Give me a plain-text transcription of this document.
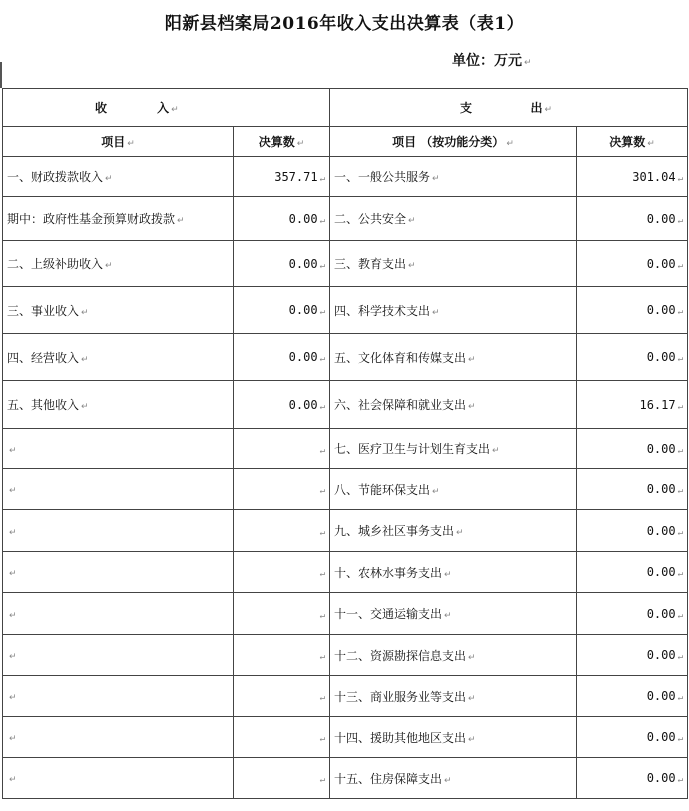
阳新县档案局2016年收入支出决算表（表1）
单位：万元 ↵
收            入 ↵		支              出 ↵	
项目 ↵	决算数 ↵	项目 （按功能分类） ↵	决算数 ↵
一、财政拨款收入 ↵	357.71 ↵	一、一般公共服务 ↵	301.04 ↵
期中：政府性基金预算财政拨款 ↵	0.00 ↵	二、公共安全 ↵	0.00 ↵
二、上级补助收入 ↵	0.00 ↵	三、教育支出 ↵	0.00 ↵
三、事业收入 ↵	0.00 ↵	四、科学技术支出 ↵	0.00 ↵
四、经营收入 ↵	0.00 ↵	五、文化体育和传媒支出 ↵	0.00 ↵
五、其他收入 ↵	0.00 ↵	六、社会保障和就业支出 ↵	16.17 ↵
↵	↵	七、医疗卫生与计划生育支出 ↵	0.00 ↵
↵	↵	八、节能环保支出 ↵	0.00 ↵
↵	↵	九、城乡社区事务支出 ↵	0.00 ↵
↵	↵	十、农林水事务支出 ↵	0.00 ↵
↵	↵	十一、交通运输支出 ↵	0.00 ↵
↵	↵	十二、资源勘探信息支出 ↵	0.00 ↵
↵	↵	十三、商业服务业等支出 ↵	0.00 ↵
↵	↵	十四、援助其他地区支出 ↵	0.00 ↵
↵	↵	十五、住房保障支出 ↵	0.00 ↵
